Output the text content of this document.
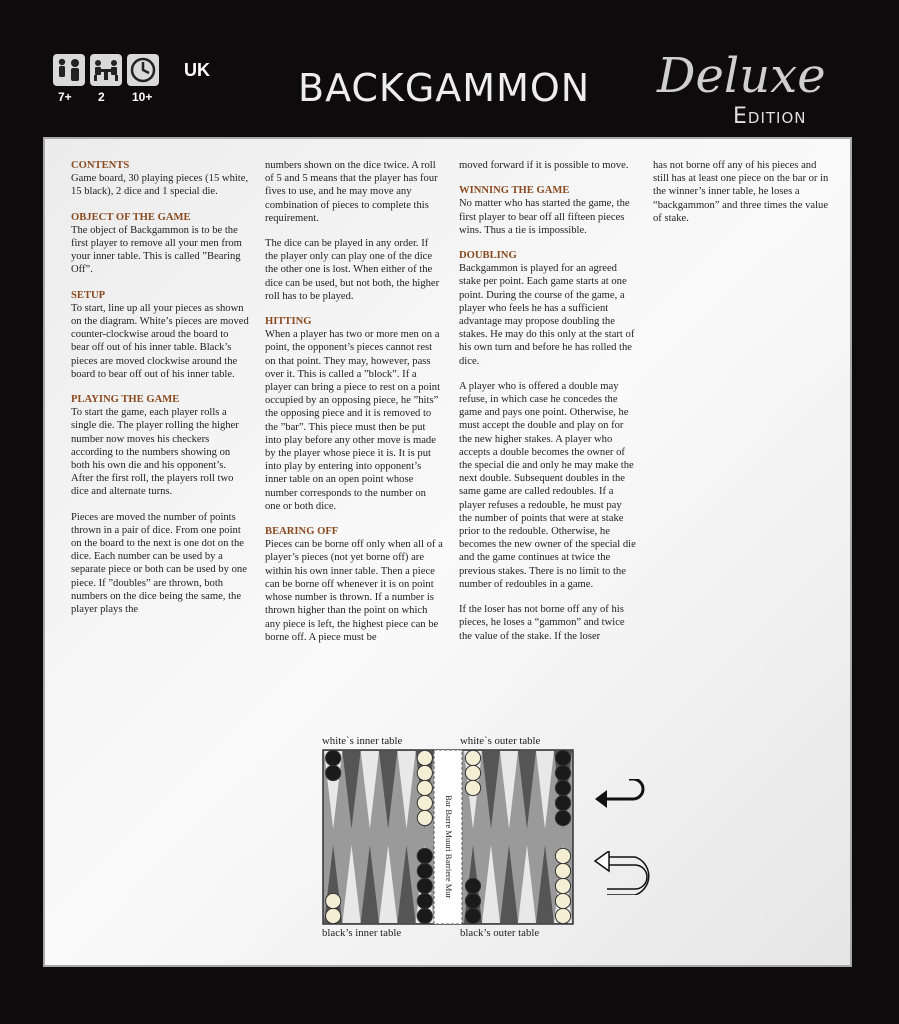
7+	2	10+
UK BACKGAMMON Deluxe
Edition
CONTENTS

Game board, 30 playing pieces (15 white, 15 black), 2 dice and 1 special die.

OBJECT OF THE GAME

The object of Backgammon is to be the first player to remove all your men from your inner table. This is called ”Bearing Off”.

SETUP

To start, line up all your pieces as shown on the diagram. White’s pieces are moved counter-clockwise aroud the board to bear off out of his inner table. Black’s pieces are moved clockwise around the board to bear off out of his inner table.

PLAYING THE GAME

To start the game, each player rolls a single die. The player rolling the higher number now moves his checkers according to the numbers showing on both his own die and his opponent’s. After the first roll, the players roll two dice and alternate turns.

Pieces are moved the number of points thrown in a pair of dice. From one point on the board to the next is one dot on the dice. Each number can be used by a separate piece or both can be used by one piece. If ”doubles” are thrown, both numbers on the dice being the same, the player plays the

numbers shown on the dice twice. A roll of 5 and 5 means that the player has four fives to use, and he may move any combination of pieces to complete this requirement.

The dice can be played in any order. If the player only can play one of the dice the other one is lost. When either of the dice can be used, but not both, the higher roll has to be played.

HITTING

When a player has two or more men on a point, the opponent’s pieces cannot rest on that point. They may, however, pass over it. This is called a ”block”. If a player can bring a piece to rest on a point occupied by an opposing piece, he ”hits” the opposing piece and it is removed to the ”bar”. This piece must then be put into play before any other move is made by the player whose piece it is. It is put into play by entering into opponent’s inner table on an open point whose number corresponds to the number on one or both dice.

BEARING OFF

Pieces can be borne off only when all of a player’s pieces (not yet borne off) are within his own inner table. Then a piece can be borne off whenever it is on point whose number is thrown. If a number is thrown higher than the point on which any piece is left, the highest piece can be borne off. A piece must be

moved forward if it is possible to move.

WINNING THE GAME

No matter who has started the game, the first player to bear off all fifteen pieces wins. Thus a tie is impossible.

DOUBLING

Backgammon is played for an agreed stake per point. Each game starts at one point. During the course of the game, a player who feels he has a sufficient advantage may propose doubling the stakes. He may do this only at the start of his own turn and before he has rolled the dice.

A player who is offered a double may refuse, in which case he concedes the game and pays one point. Otherwise, he must accept the double and play on for the new higher stakes. A player who accepts a double becomes the owner of the special die and only he may make the next double. Subsequent doubles in the same game are called redoubles. If a player refuses a redouble, he must pay the number of points that were at stake prior to the redouble. Otherwise, he becomes the new owner of the special die and the game continues at twice the previous stakes. There is no limit to the number of redoubles in a game.

If the loser has not borne off any of his pieces, he loses a “gammon” and twice the value of the stake. If the loser

has not borne off any of his pieces and still has at least one piece on the bar or in the winner’s inner table, he loses a “backgammon” and three times the value of stake.

white`s inner table	white`s outer table
Bar Barre Muuri Barriere Mur
black’s inner table	black’s outer table
